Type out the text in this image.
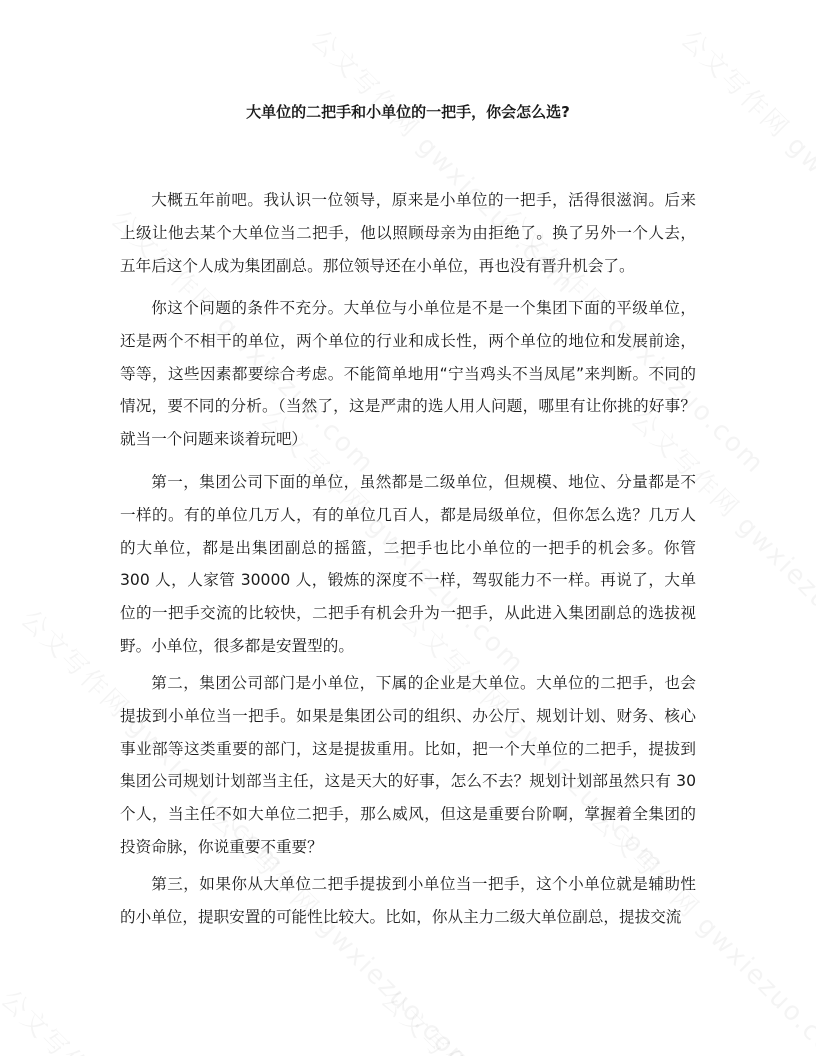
大单位的二把手和小单位的一把手，你会怎么选?

大概五年前吧。我认识一位领导，原来是小单位的一把手，活得很滋润。后来上级让他去某个大单位当二把手，他以照顾母亲为由拒绝了。换了另外一个人去，五年后这个人成为集团副总。那位领导还在小单位，再也没有晋升机会了。

你这个问题的条件不充分。大单位与小单位是不是一个集团下面的平级单位，还是两个不相干的单位，两个单位的行业和成长性，两个单位的地位和发展前途，等等，这些因素都要综合考虑。不能简单地用“宁当鸡头不当凤尾”来判断。不同的情况，要不同的分析。（当然了，这是严肃的选人用人问题，哪里有让你挑的好事？就当一个问题来谈着玩吧）

第一，集团公司下面的单位，虽然都是二级单位，但规模、地位、分量都是不一样的。有的单位几万人，有的单位几百人，都是局级单位，但你怎么选？几万人的大单位，都是出集团副总的摇篮，二把手也比小单位的一把手的机会多。你管 300 人，人家管 30000 人，锻炼的深度不一样，驾驭能力不一样。再说了，大单位的一把手交流的比较快，二把手有机会升为一把手，从此进入集团副总的选拔视野。小单位，很多都是安置型的。

第二，集团公司部门是小单位，下属的企业是大单位。大单位的二把手，也会提拔到小单位当一把手。如果是集团公司的组织、办公厅、规划计划、财务、核心事业部等这类重要的部门，这是提拔重用。比如，把一个大单位的二把手，提拔到集团公司规划计划部当主任，这是天大的好事，怎么不去？规划计划部虽然只有 30 个人，当主任不如大单位二把手，那么威风，但这是重要台阶啊，掌握着全集团的投资命脉，你说重要不重要？

第三，如果你从大单位二把手提拔到小单位当一把手，这个小单位就是辅助性的小单位，提职安置的可能性比较大。比如，你从主力二级大单位副总，提拔交流
